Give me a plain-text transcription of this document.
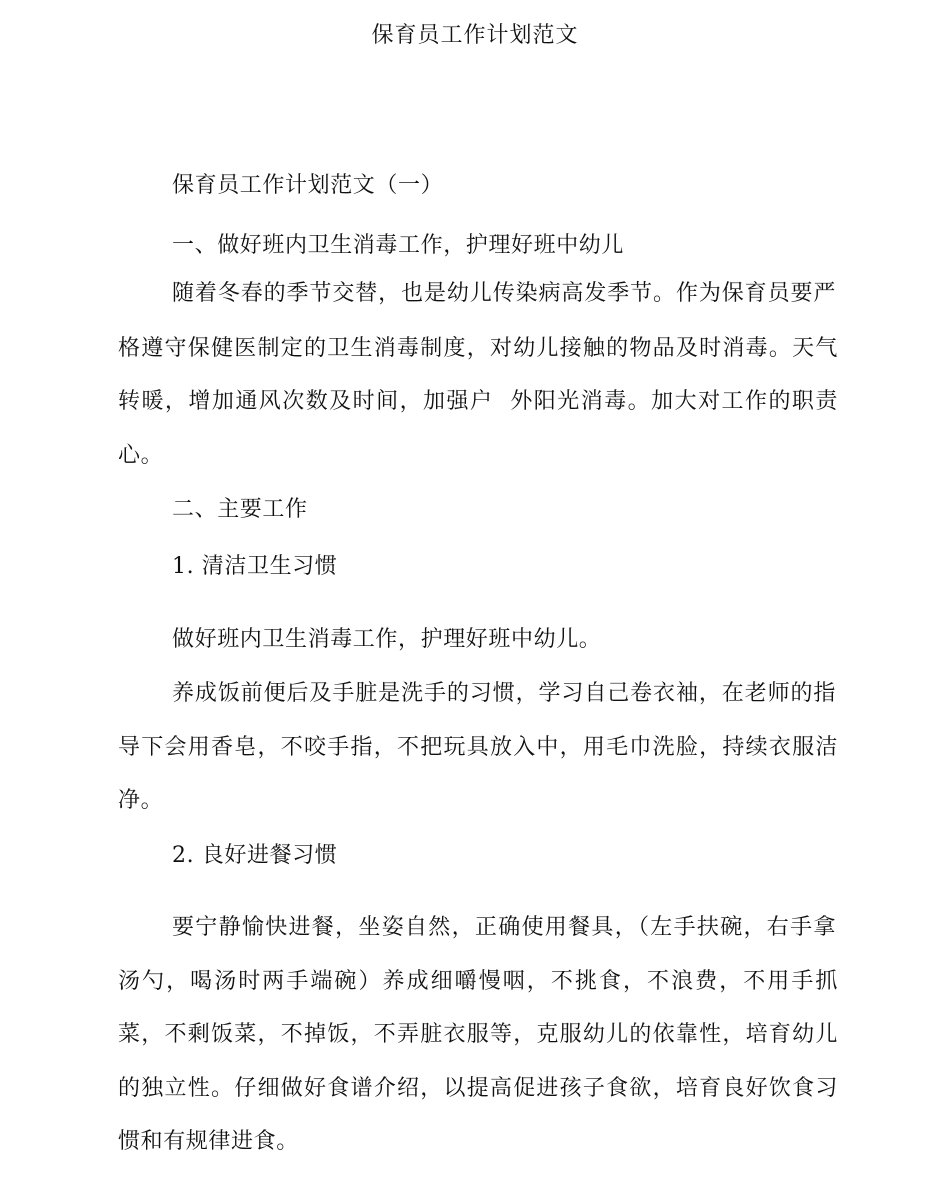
保育员工作计划范文
保育员工作计划范文（一）
一、做好班内卫生消毒工作，护理好班中幼儿
随着冬春的季节交替，也是幼儿传染病高发季节。作为保育员要严
格遵守保健医制定的卫生消毒制度，对幼儿接触的物品及时消毒。天气
转暖，增加通风次数及时间，加强户  外阳光消毒。加大对工作的职责
心。
二、主要工作
1. 清洁卫生习惯
做好班内卫生消毒工作，护理好班中幼儿。
养成饭前便后及手脏是洗手的习惯，学习自己卷衣袖，在老师的指
导下会用香皂，不咬手指，不把玩具放入中，用毛巾洗脸，持续衣服洁
净。
2. 良好进餐习惯
要宁静愉快进餐，坐姿自然，正确使用餐具，（左手扶碗，右手拿
汤勺，喝汤时两手端碗）养成细嚼慢咽，不挑食，不浪费，不用手抓
菜，不剩饭菜，不掉饭，不弄脏衣服等，克服幼儿的依靠性，培育幼儿
的独立性。仔细做好食谱介绍，以提高促进孩子食欲，培育良好饮食习
惯和有规律进食。
